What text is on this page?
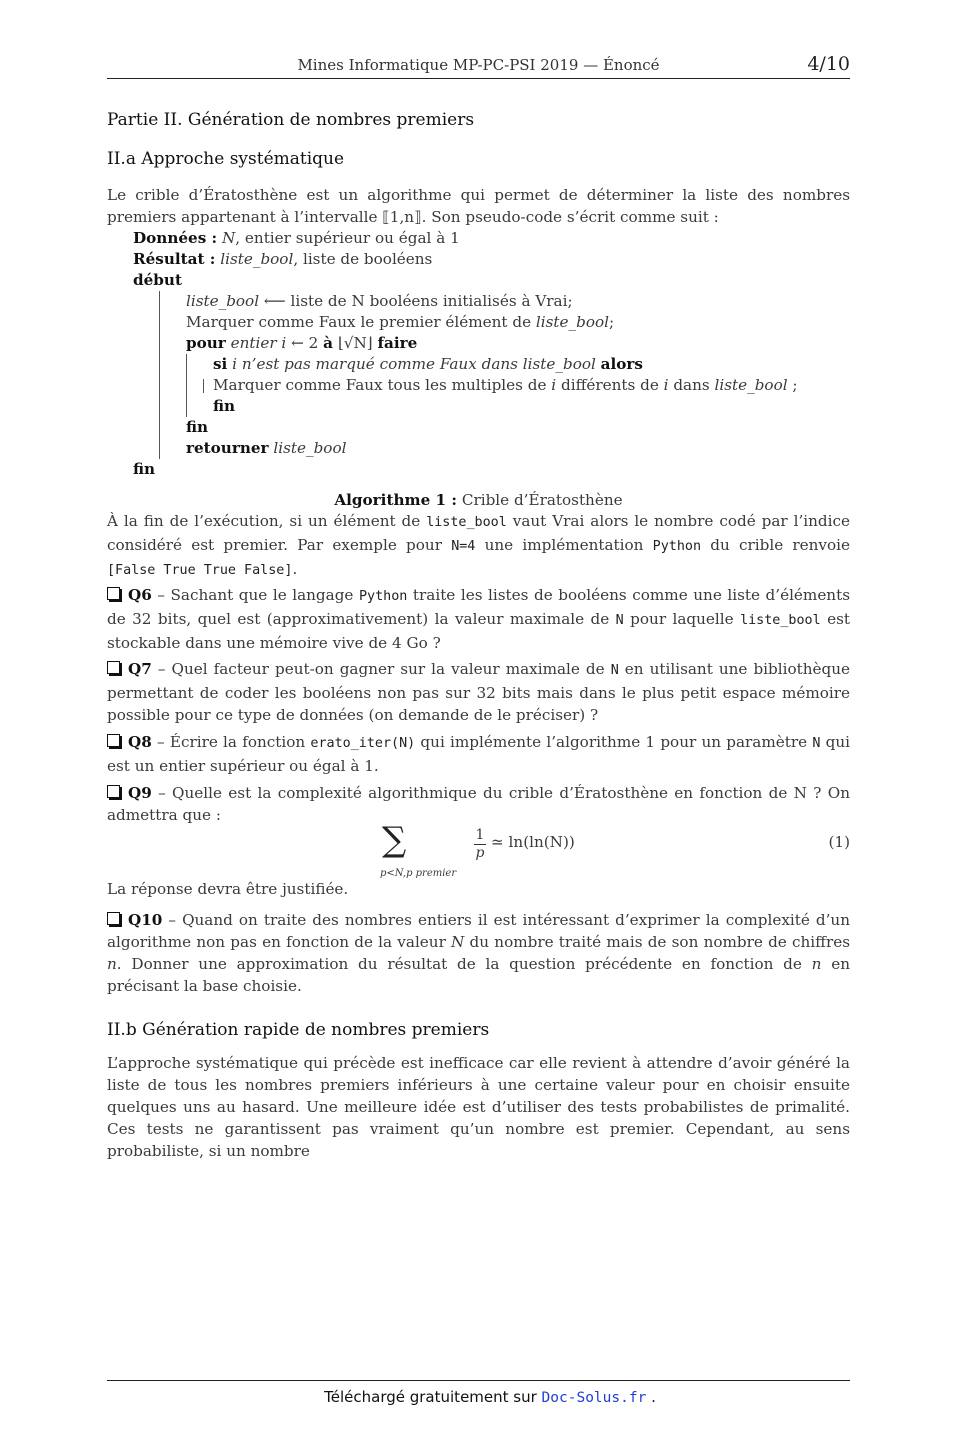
Mines Informatique MP-PC-PSI 2019 — Énoncé	4/10
Partie II. Génération de nombres premiers
II.a Approche systématique

Le crible d’Ératosthène est un algorithme qui permet de déterminer la liste des nombres premiers appartenant à l’intervalle ⟦1,n⟧. Son pseudo-code s’écrit comme suit :

Données : N, entier supérieur ou égal à 1
Résultat : liste_bool, liste de booléens
début
liste_bool ⟵ liste de N booléens initialisés à Vrai;
Marquer comme Faux le premier élément de liste_bool;
pour entier i ← 2 à ⌊√N⌋ faire
si i n’est pas marqué comme Faux dans liste_bool alors
Marquer comme Faux tous les multiples de i différents de i dans liste_bool ;
fin
fin
retourner liste_bool
fin
Algorithme 1 : Crible d’Ératosthène

À la fin de l’exécution, si un élément de liste_bool vaut Vrai alors le nombre codé par l’indice considéré est premier. Par exemple pour N=4 une implémentation Python du crible renvoie [False True True False].

Q6 – Sachant que le langage Python traite les listes de booléens comme une liste d’éléments de 32 bits, quel est (approximativement) la valeur maximale de N pour laquelle liste_bool est stockable dans une mémoire vive de 4 Go ?

Q7 – Quel facteur peut-on gagner sur la valeur maximale de N en utilisant une bibliothèque permettant de coder les booléens non pas sur 32 bits mais dans le plus petit espace mémoire possible pour ce type de données (on demande de le préciser) ?

Q8 – Écrire la fonction erato_iter(N) qui implémente l’algorithme 1 pour un paramètre N qui est un entier supérieur ou égal à 1.

Q9 – Quelle est la complexité algorithmique du crible d’Ératosthène en fonction de N ? On admettra que :

∑
p<N,p premier
$\frac{1}{p}$ ≃ ln(ln(N))	(1)

La réponse devra être justifiée.

Q10 – Quand on traite des nombres entiers il est intéressant d’exprimer la complexité d’un algorithme non pas en fonction de la valeur N du nombre traité mais de son nombre de chiffres n. Donner une approximation du résultat de la question précédente en fonction de n en précisant la base choisie.

II.b Génération rapide de nombres premiers

L’approche systématique qui précède est inefficace car elle revient à attendre d’avoir généré la liste de tous les nombres premiers inférieurs à une certaine valeur pour en choisir ensuite quelques uns au hasard. Une meilleure idée est d’utiliser des tests probabilistes de primalité. Ces tests ne garantissent pas vraiment qu’un nombre est premier. Cependant, au sens probabiliste, si un nombre

Téléchargé gratuitement sur Doc-Solus.fr .
